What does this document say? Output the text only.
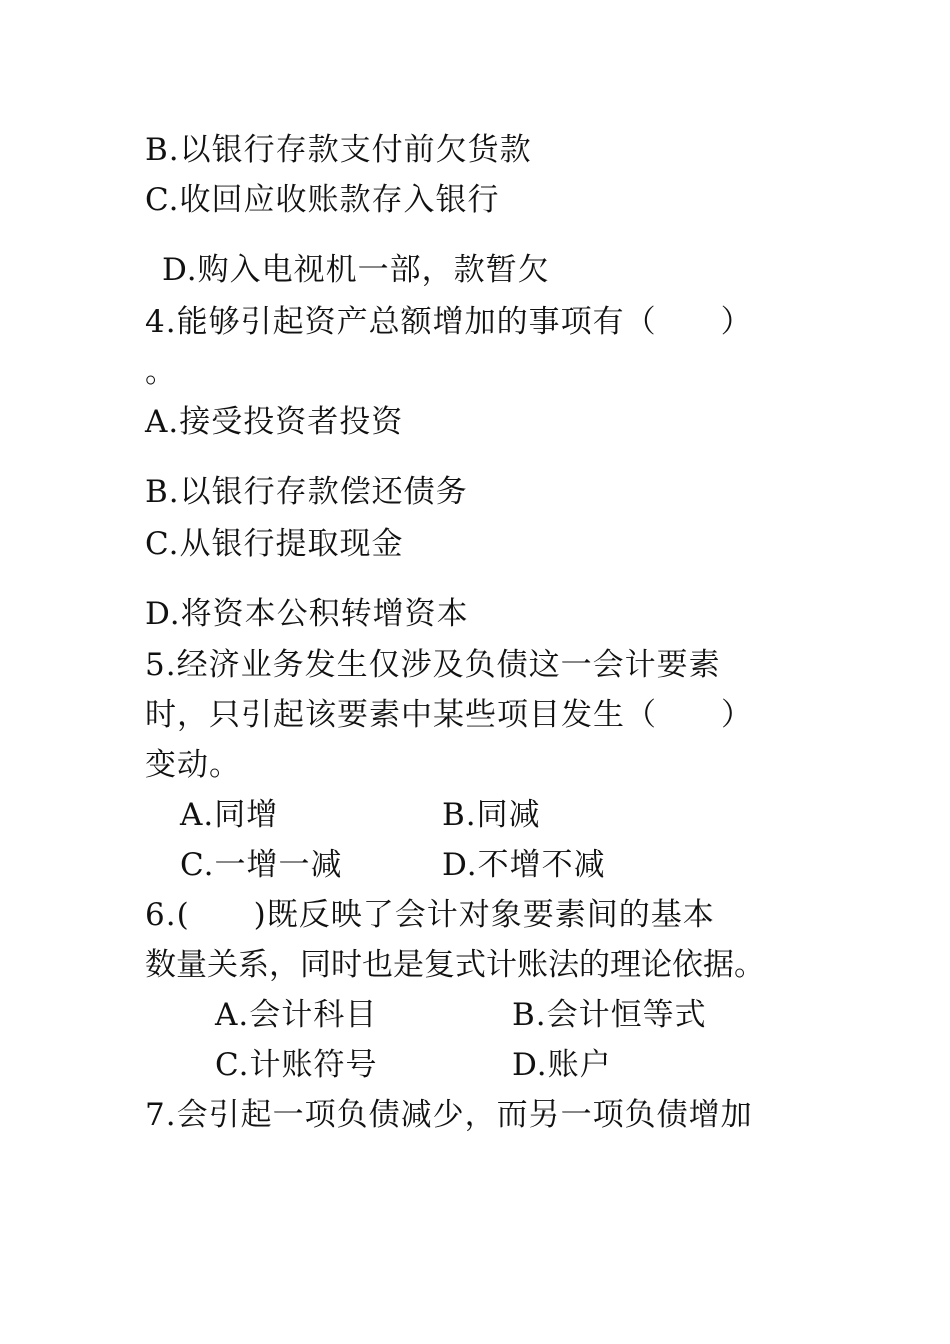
B.以银行存款支付前欠货款
C.收回应收账款存入银行
D.购入电视机一部，款暂欠
4.能够引起资产总额增加的事项有（　　）
。
A.接受投资者投资
B.以银行存款偿还债务
C.从银行提取现金
D.将资本公积转增资本
5.经济业务发生仅涉及负债这一会计要素
时，只引起该要素中某些项目发生（　　）
变动。
A.同增	B.同减
C.一增一减	D.不增不减
6.(　　)既反映了会计对象要素间的基本
数量关系，同时也是复式计账法的理论依据。
A.会计科目	B.会计恒等式
C.计账符号	D.账户
7.会引起一项负债减少，而另一项负债增加
